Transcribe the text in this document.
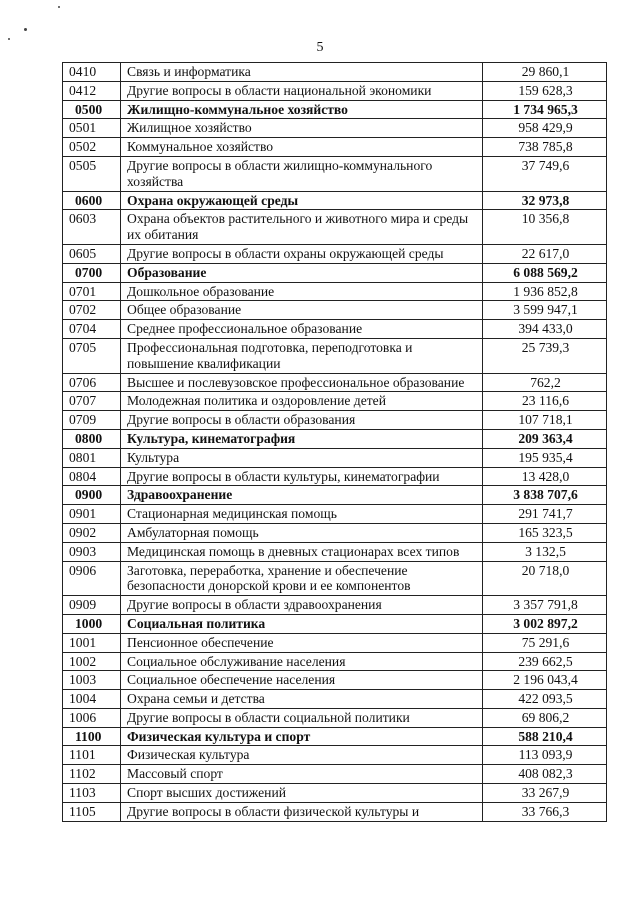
5
0410	Связь и информатика	29 860,1
0412	Другие вопросы в области национальной экономики	159 628,3
0500	Жилищно-коммунальное хозяйство	1 734 965,3
0501	Жилищное хозяйство	958 429,9
0502	Коммунальное хозяйство	738 785,8
0505	Другие вопросы в области жилищно-коммунального хозяйства	37 749,6
0600	Охрана окружающей среды	32 973,8
0603	Охрана объектов растительного и животного мира и среды их обитания	10 356,8
0605	Другие вопросы в области охраны окружающей среды	22 617,0
0700	Образование	6 088 569,2
0701	Дошкольное образование	1 936 852,8
0702	Общее образование	3 599 947,1
0704	Среднее профессиональное образование	394 433,0
0705	Профессиональная подготовка, переподготовка и повышение квалификации	25 739,3
0706	Высшее и послевузовское профессиональное образование	762,2
0707	Молодежная политика и оздоровление детей	23 116,6
0709	Другие вопросы в области образования	107 718,1
0800	Культура, кинематография	209 363,4
0801	Культура	195 935,4
0804	Другие вопросы в области культуры, кинематографии	13 428,0
0900	Здравоохранение	3 838 707,6
0901	Стационарная медицинская помощь	291 741,7
0902	Амбулаторная помощь	165 323,5
0903	Медицинская помощь в дневных стационарах всех типов	3 132,5
0906	Заготовка, переработка, хранение и обеспечение безопасности донорской крови и ее компонентов	20 718,0
0909	Другие вопросы в области здравоохранения	3 357 791,8
1000	Социальная политика	3 002 897,2
1001	Пенсионное обеспечение	75 291,6
1002	Социальное обслуживание населения	239 662,5
1003	Социальное обеспечение населения	2 196 043,4
1004	Охрана семьи и детства	422 093,5
1006	Другие вопросы в области социальной политики	69 806,2
1100	Физическая культура и спорт	588 210,4
1101	Физическая культура	113 093,9
1102	Массовый спорт	408 082,3
1103	Спорт высших достижений	33 267,9
1105	Другие вопросы в области физической культуры и	33 766,3
